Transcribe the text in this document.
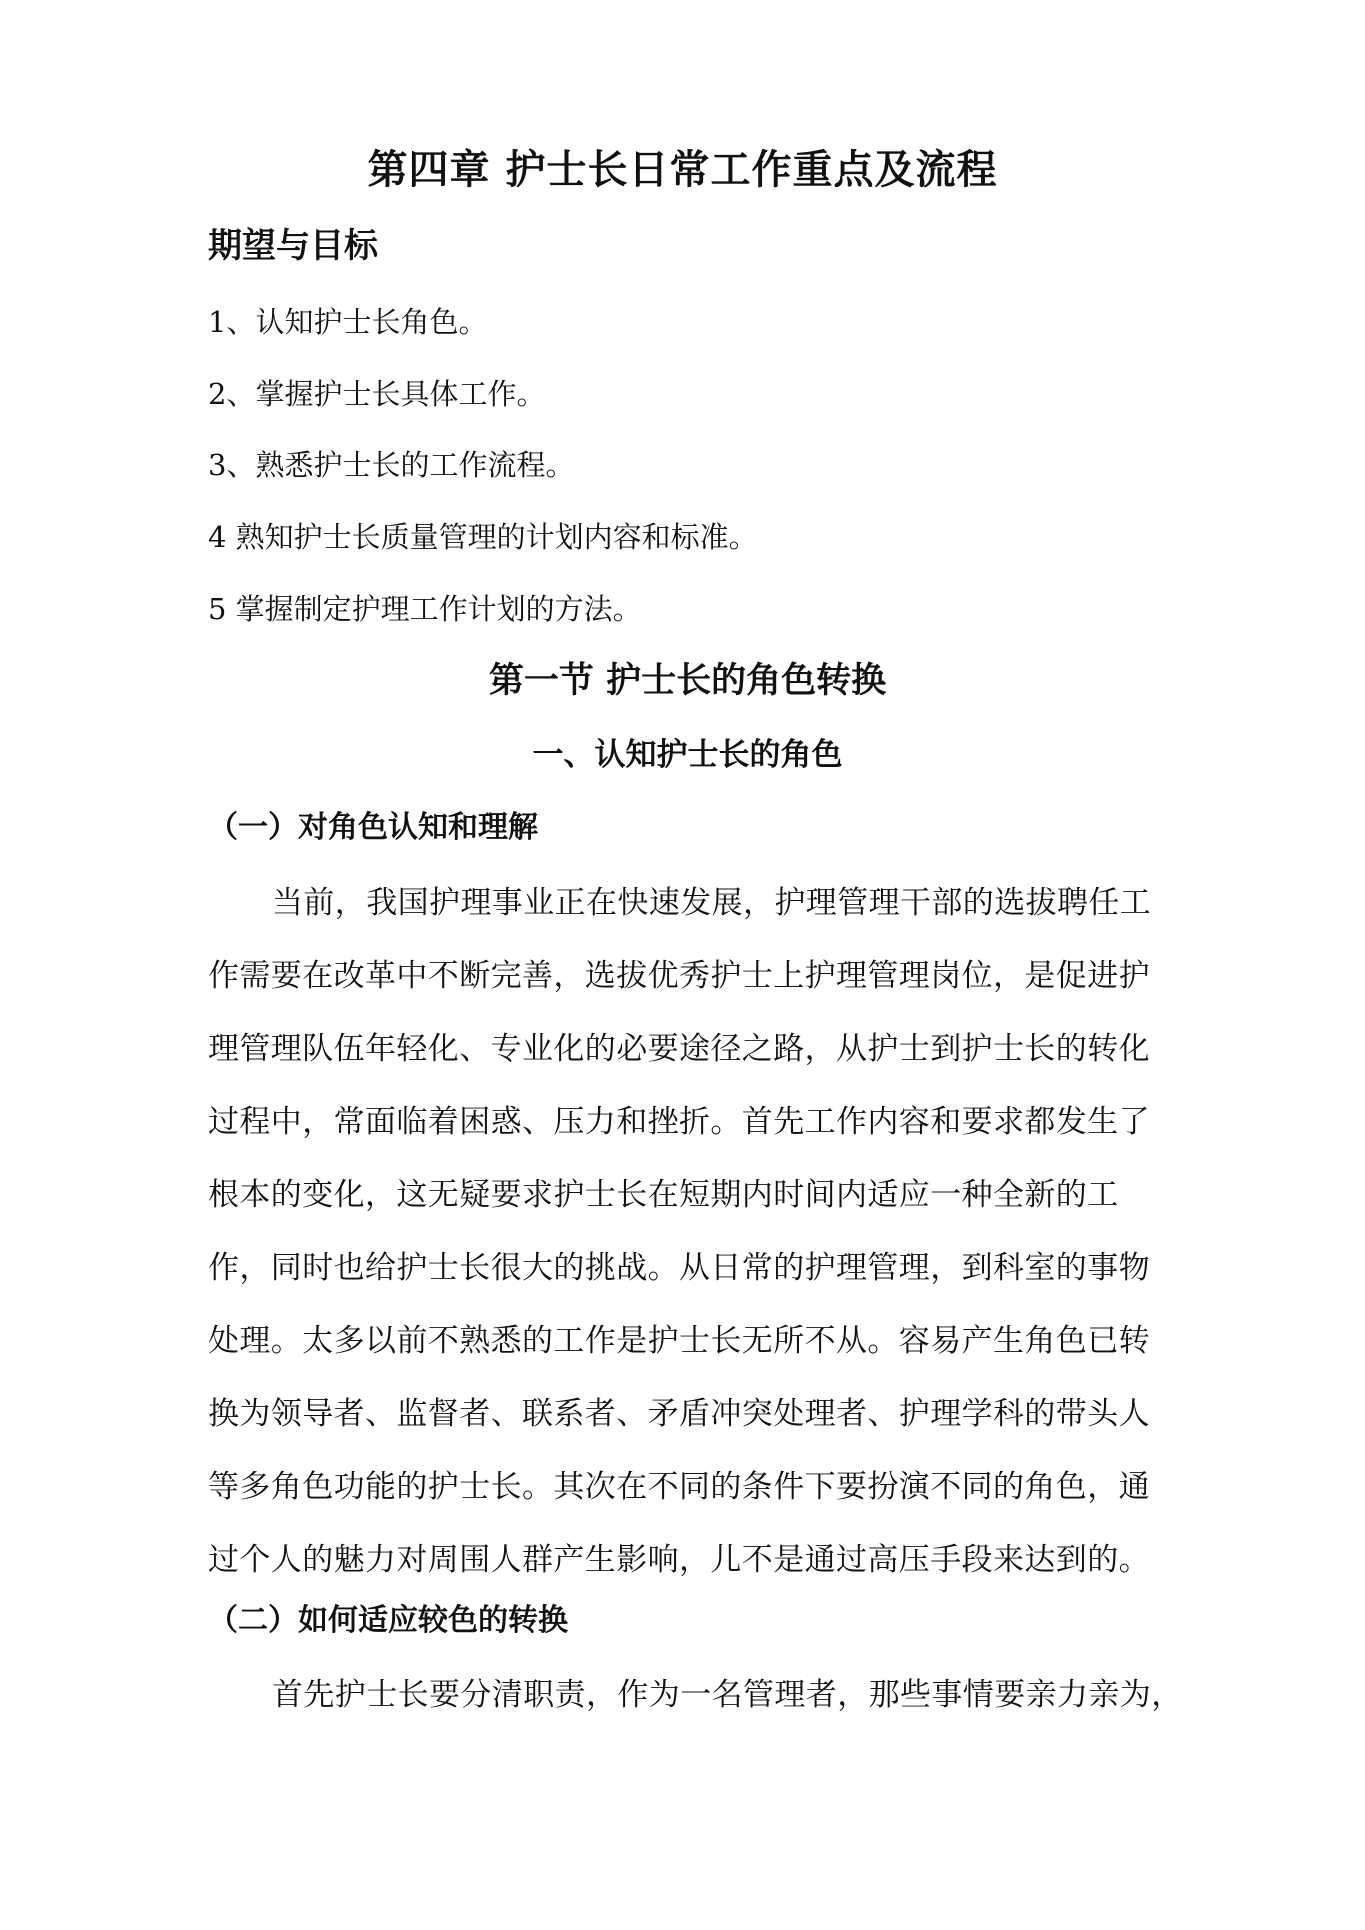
第四章 护士长日常工作重点及流程
期望与目标

1、认知护士长角色。

2、掌握护士长具体工作。

3、熟悉护士长的工作流程。

4 熟知护士长质量管理的计划内容和标准。

5 掌握制定护理工作计划的方法。

第一节 护士长的角色转换
一、认知护士长的角色
（一）对角色认知和理解

当前，我国护理事业正在快速发展，护理管理干部的选拔聘任工

作需要在改革中不断完善，选拔优秀护士上护理管理岗位，是促进护

理管理队伍年轻化、专业化的必要途径之路，从护士到护士长的转化

过程中，常面临着困惑、压力和挫折。首先工作内容和要求都发生了

根本的变化，这无疑要求护士长在短期内时间内适应一种全新的工

作，同时也给护士长很大的挑战。从日常的护理管理，到科室的事物

处理。太多以前不熟悉的工作是护士长无所不从。容易产生角色已转

换为领导者、监督者、联系者、矛盾冲突处理者、护理学科的带头人

等多角色功能的护士长。其次在不同的条件下要扮演不同的角色，通

过个人的魅力对周围人群产生影响，儿不是通过高压手段来达到的。

（二）如何适应较色的转换

首先护士长要分清职责，作为一名管理者，那些事情要亲力亲为，
